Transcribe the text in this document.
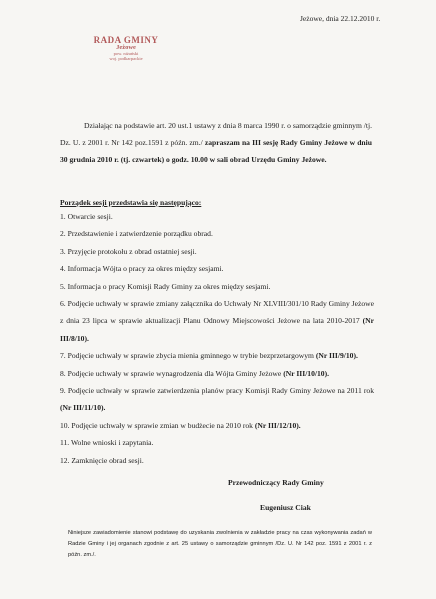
Jeżowe, dnia 22.12.2010 r.
RADA GMINY
Jeżowe
pow. niżański
woj. podkarpackie

Działając na podstawie art. 20 ust.1 ustawy z dnia 8 marca 1990 r. o samorządzie gminnym /tj. Dz. U. z 2001 r. Nr 142 poz.1591 z późn. zm./ zapraszam na III sesję Rady Gminy Jeżowe w dniu 30 grudnia 2010 r. (tj. czwartek) o godz. 10.00 w sali obrad Urzędu Gminy Jeżowe.

Porządek sesji przedstawia się następująco:
1. Otwarcie sesji.
2. Przedstawienie i zatwierdzenie porządku obrad.
3. Przyjęcie protokołu z obrad ostatniej sesji.
4. Informacja Wójta o pracy za okres między sesjami.
5. Informacja o pracy Komisji Rady Gminy za okres między sesjami.
6. Podjęcie uchwały w sprawie zmiany załącznika do Uchwały Nr XLVIII/301/10 Rady Gminy Jeżowe z dnia 23 lipca w sprawie aktualizacji Planu Odnowy Miejscowości Jeżowe na lata 2010-2017 (Nr III/8/10).
7. Podjęcie uchwały w sprawie zbycia mienia gminnego w trybie bezprzetargowym (Nr III/9/10).
8. Podjęcie uchwały w sprawie wynagrodzenia dla Wójta Gminy Jeżowe (Nr III/10/10).
9. Podjęcie uchwały w sprawie zatwierdzenia planów pracy Komisji Rady Gminy Jeżowe na 2011 rok (Nr III/11/10).
10. Podjęcie uchwały w sprawie zmian w budżecie na 2010 rok (Nr III/12/10).
11. Wolne wnioski i zapytania.
12. Zamknięcie obrad sesji.
Przewodniczący Rady Gminy
Eugeniusz Ciak

Niniejsze zawiadomienie stanowi podstawę do uzyskania zwolnienia w zakładzie pracy na czas wykonywania zadań w Radzie Gminy i jej organach zgodnie z art. 25 ustawy o samorządzie gminnym /Dz. U. Nr 142 poz. 1591 z 2001 r. z późn. zm./.
